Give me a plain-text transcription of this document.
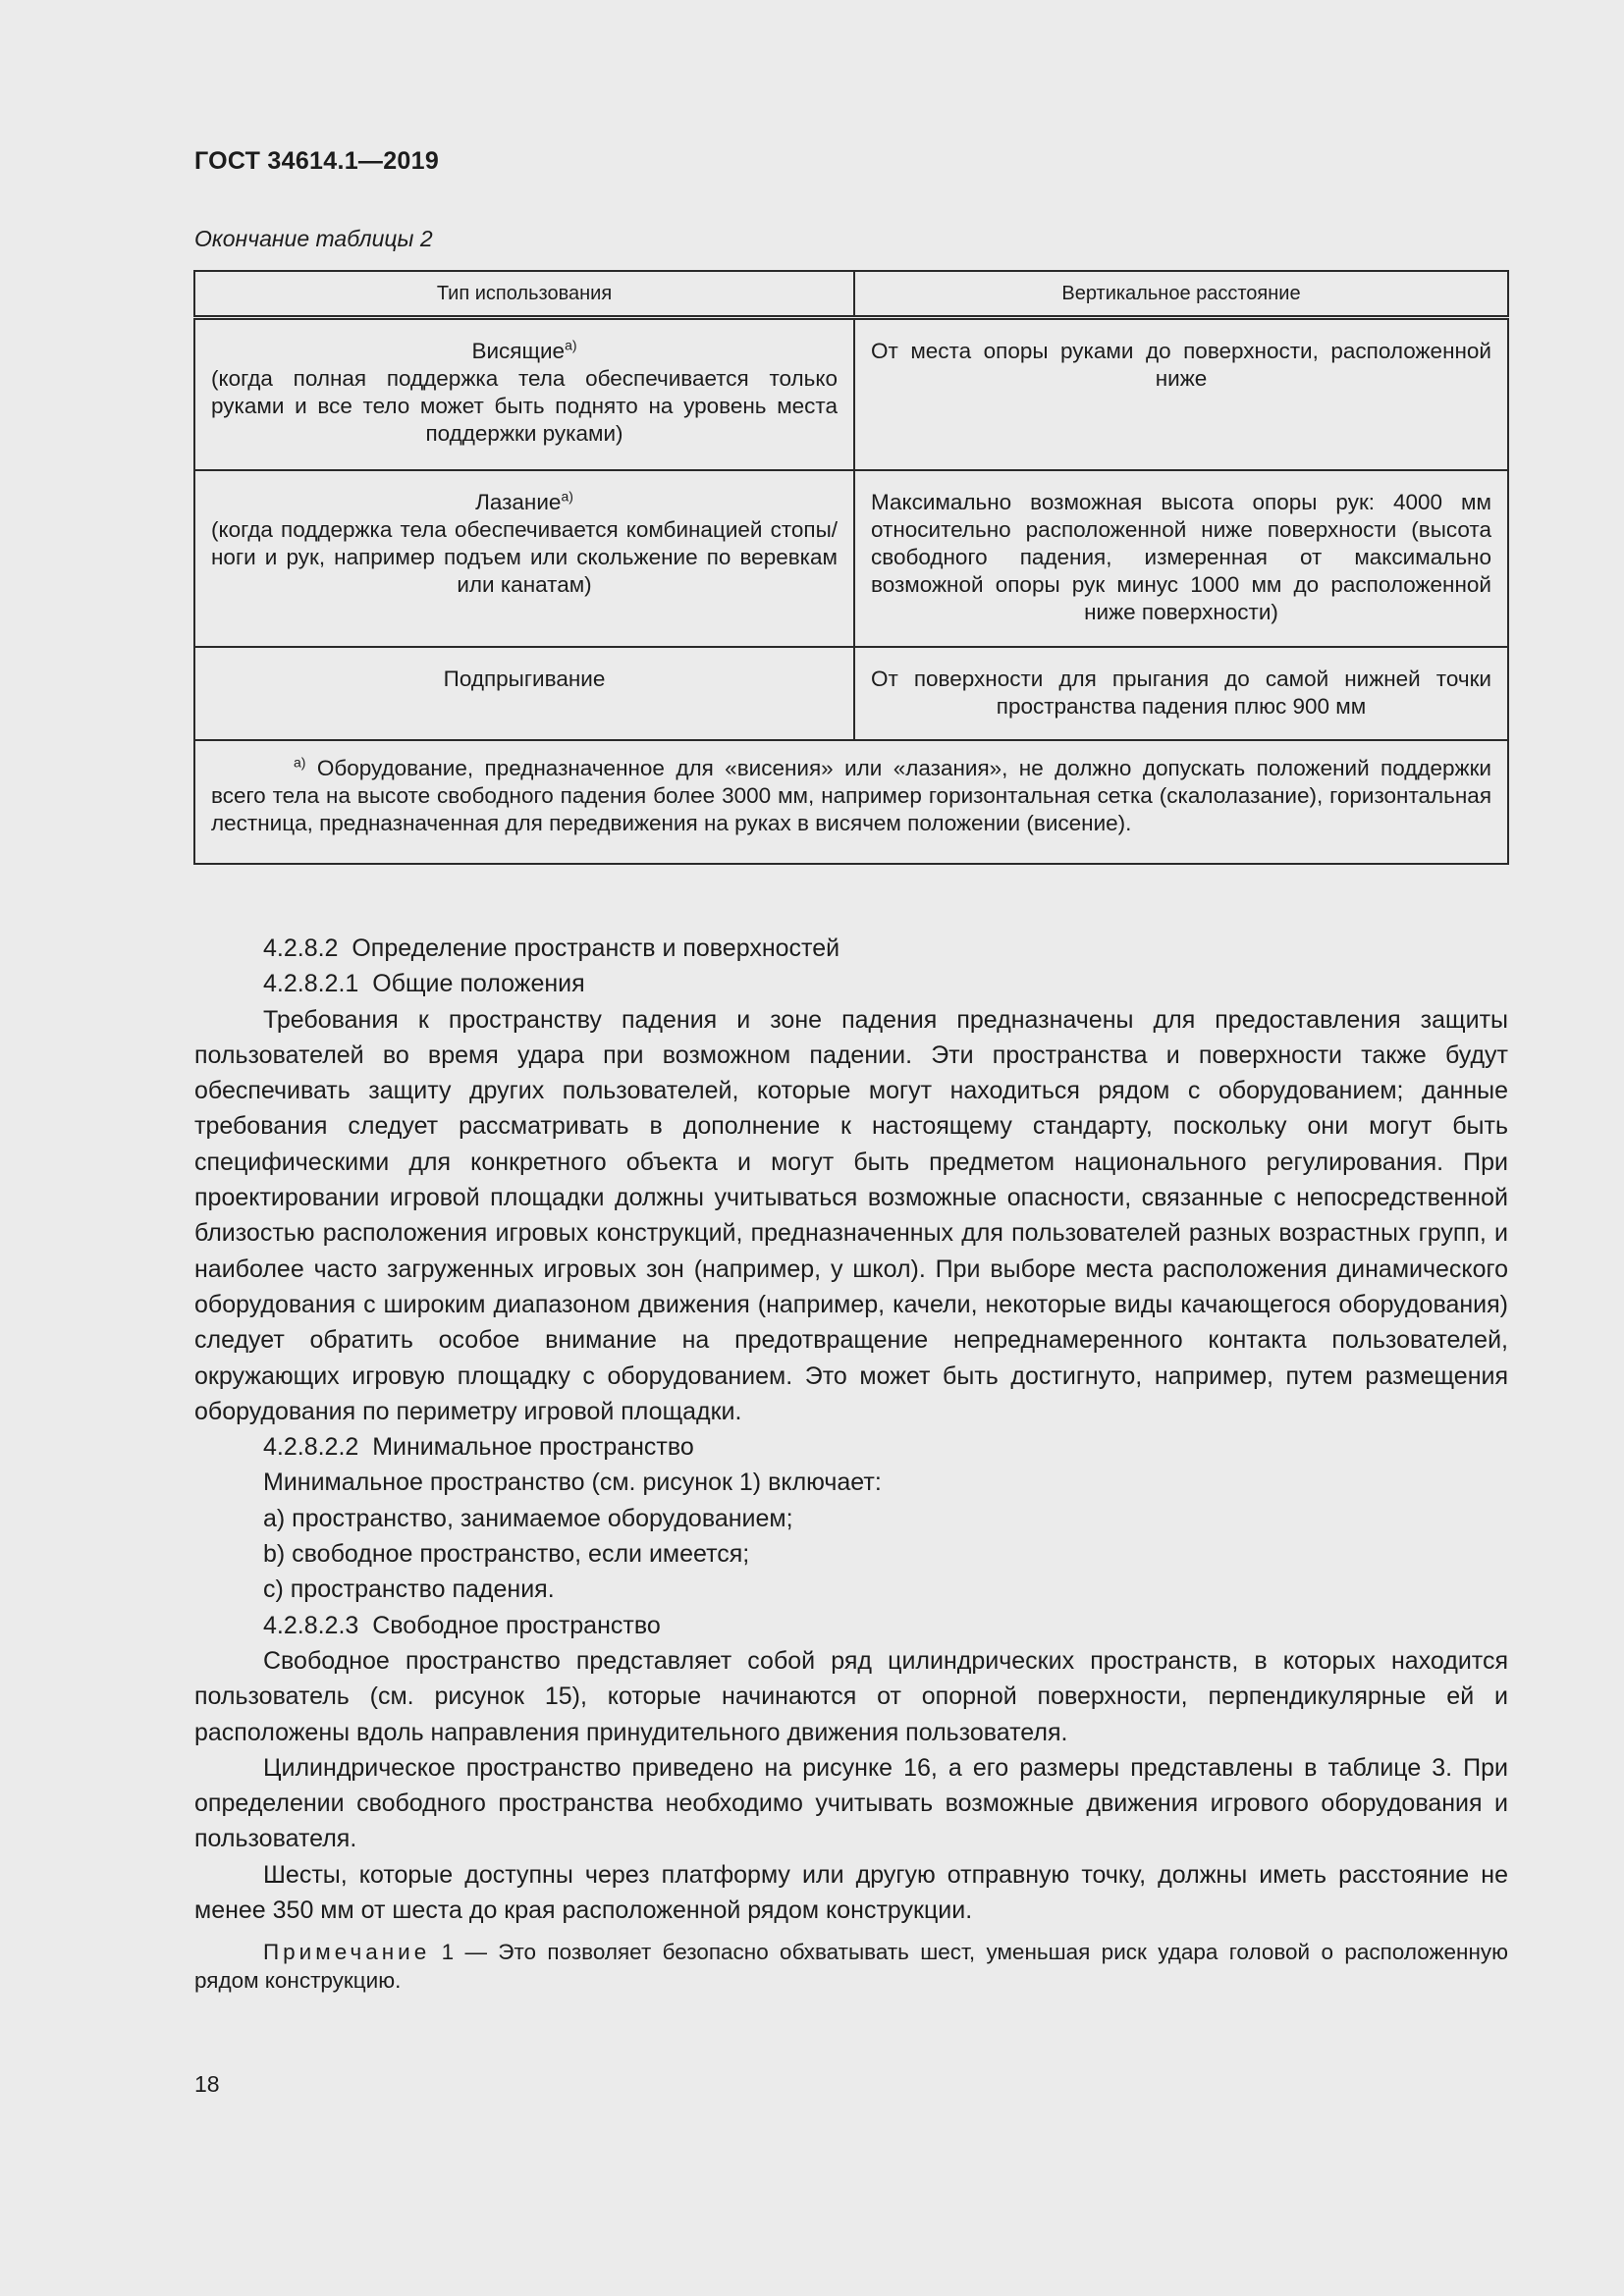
ГОСТ 34614.1—2019
Окончание таблицы 2
Тип использования	Вертикальное расстояние

Висящие$^{а)}$
(когда полная поддержка тела обеспечивается только руками и все тело может быть поднято на уровень места поддержки руками)	От места опоры руками до поверхности, расположенной ниже

Лазание$^{а)}$
(когда поддержка тела обеспечивается комбинацией стопы/ноги и рук, например подъем или скольжение по веревкам или канатам)	Максимально возможная высота опоры рук: 4000 мм относительно расположенной ниже поверхности (высота свободного падения, измеренная от максимально возможной опоры рук минус 1000 мм до расположенной ниже поверхности)

Подпрыгивание	От поверхности для прыгания до самой нижней точки пространства падения плюс 900 мм

$^{а)}$ Оборудование, предназначенное для «висения» или «лазания», не должно допускать положений поддержки всего тела на высоте свободного падения более 3000 мм, например горизонтальная сетка (скалолазание), горизонтальная лестница, предназначенная для передвижения на руках в висячем положении (висение).	

4.2.8.2  Определение пространств и поверхностей

4.2.8.2.1  Общие положения

Требования к пространству падения и зоне падения предназначены для предоставления защиты пользователей во время удара при возможном падении. Эти пространства и поверхности также будут обеспечивать защиту других пользователей, которые могут находиться рядом с оборудованием; данные требования следует рассматривать в дополнение к настоящему стандарту, поскольку они могут быть специфическими для конкретного объекта и могут быть предметом национального регулирования. При проектировании игровой площадки должны учитываться возможные опасности, связанные с непосредственной близостью расположения игровых конструкций, предназначенных для пользователей разных возрастных групп, и наиболее часто загруженных игровых зон (например, у школ). При выборе места расположения динамического оборудования с широким диапазоном движения (например, качели, некоторые виды качающегося оборудования) следует обратить особое внимание на предотвращение непреднамеренного контакта пользователей, окружающих игровую площадку с оборудованием. Это может быть достигнуто, например, путем размещения оборудования по периметру игровой площадки.

4.2.8.2.2  Минимальное пространство

Минимальное пространство (см. рисунок 1) включает:

a) пространство, занимаемое оборудованием;

b) свободное пространство, если имеется;

c) пространство падения.

4.2.8.2.3  Свободное пространство

Свободное пространство представляет собой ряд цилиндрических пространств, в которых находится пользователь (см. рисунок 15), которые начинаются от опорной поверхности, перпендикулярные ей и расположены вдоль направления принудительного движения пользователя.

Цилиндрическое пространство приведено на рисунке 16, а его размеры представлены в таблице 3. При определении свободного пространства необходимо учитывать возможные движения игрового оборудования и пользователя.

Шесты, которые доступны через платформу или другую отправную точку, должны иметь расстояние не менее 350 мм от шеста до края расположенной рядом конструкции.

Примечание 1 — Это позволяет безопасно обхватывать шест, уменьшая риск удара головой о расположенную рядом конструкцию.

18
